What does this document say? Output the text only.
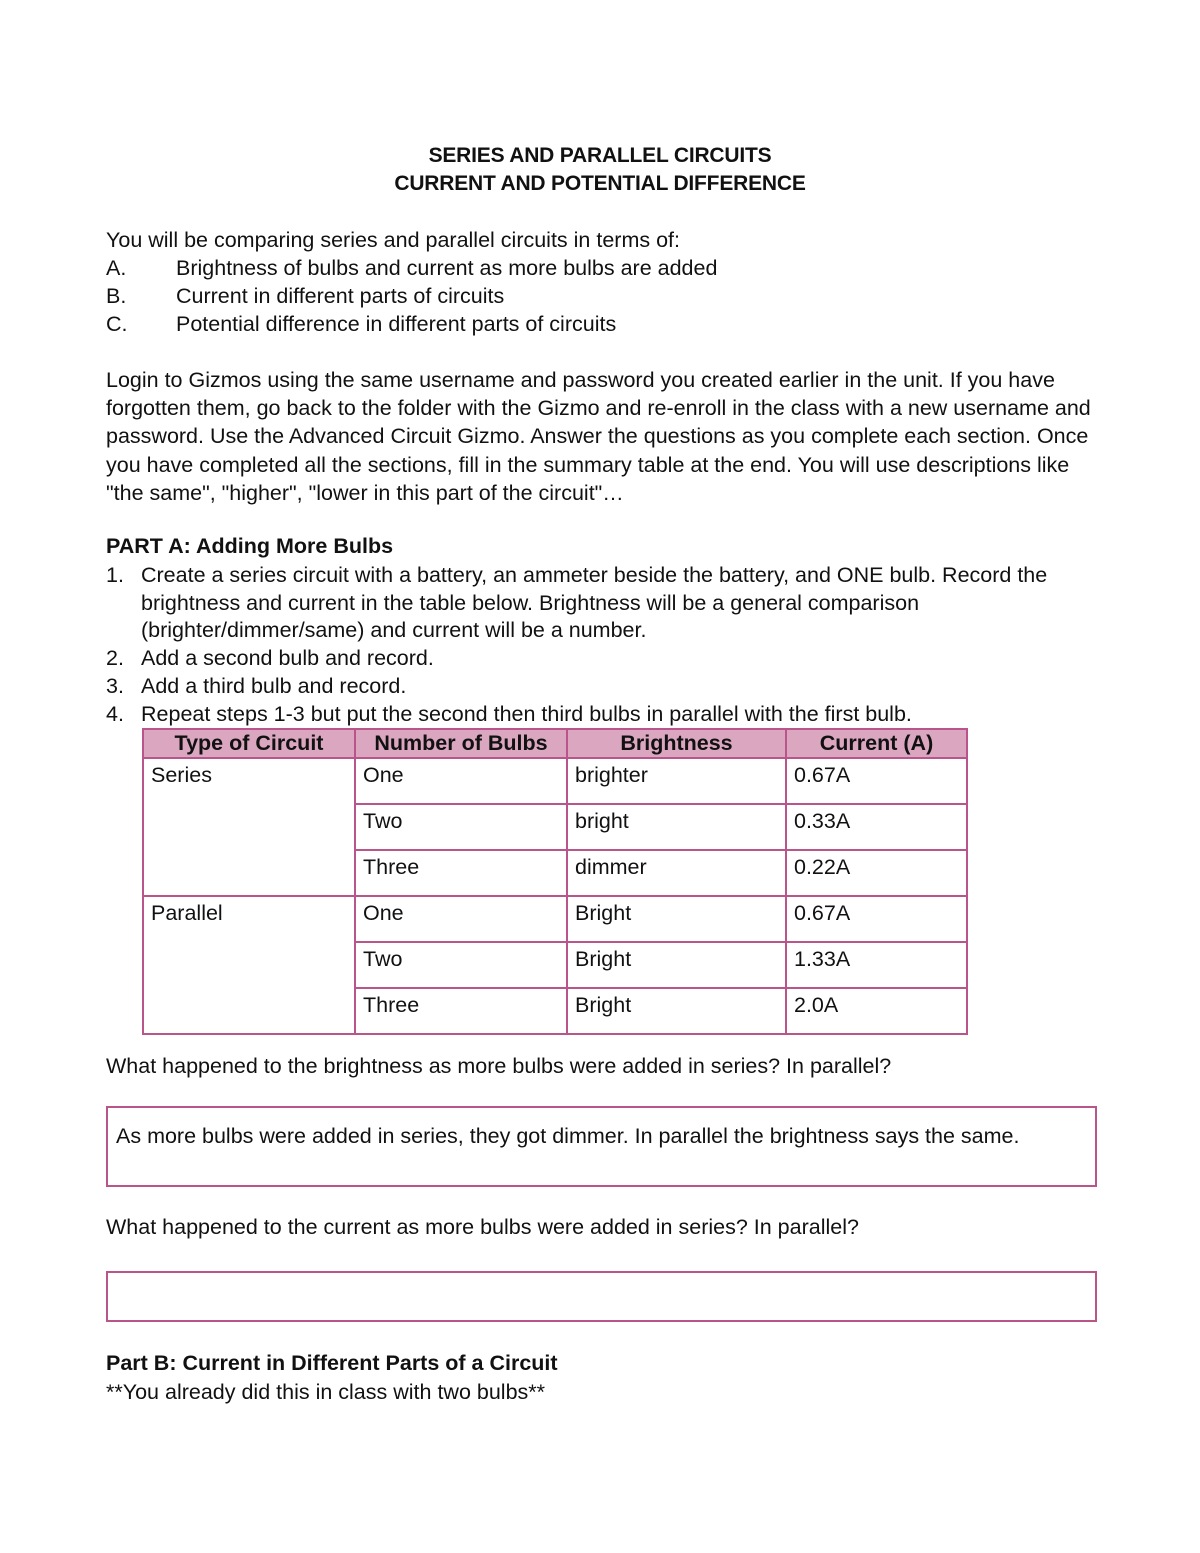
SERIES AND PARALLEL CIRCUITS
CURRENT AND POTENTIAL DIFFERENCE
You will be comparing series and parallel circuits in terms of:
A. Brightness of bulbs and current as more bulbs are added
B. Current in different parts of circuits
C. Potential difference in different parts of circuits
Login to Gizmos using the same username and password you created earlier in the unit. If you have forgotten them, go back to the folder with the Gizmo and re-enroll in the class with a new username and password. Use the Advanced Circuit Gizmo. Answer the questions as you complete each section. Once you have completed all the sections, fill in the summary table at the end. You will use descriptions like "the same", "higher", "lower in this part of the circuit"…
PART A: Adding More Bulbs
1. Create a series circuit with a battery, an ammeter beside the battery, and ONE bulb. Record the brightness and current in the table below. Brightness will be a general comparison (brighter/dimmer/same) and current will be a number.
2. Add a second bulb and record.
3. Add a third bulb and record.
4. Repeat steps 1-3 but put the second then third bulbs in parallel with the first bulb.
Type of Circuit	Number of Bulbs	Brightness	Current (A)
Series	One	brighter	0.67A
	Two	bright	0.33A
	Three	dimmer	0.22A
Parallel	One	Bright	0.67A
	Two	Bright	1.33A
	Three	Bright	2.0A
What happened to the brightness as more bulbs were added in series? In parallel?
As more bulbs were added in series, they got dimmer. In parallel the brightness says the same.
What happened to the current as more bulbs were added in series? In parallel?
Part B: Current in Different Parts of a Circuit
**You already did this in class with two bulbs**
